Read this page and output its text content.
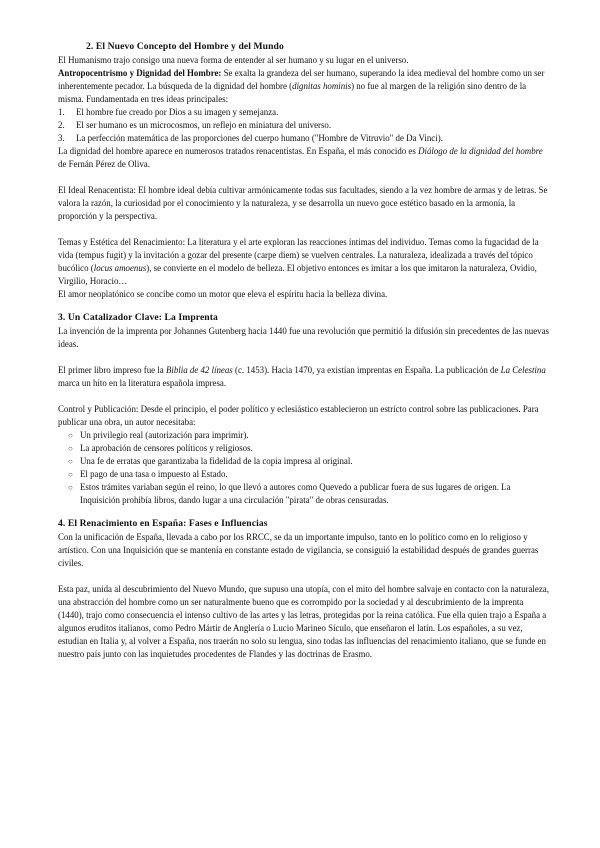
2. El Nuevo Concepto del Hombre y del Mundo

El Humanismo trajo consigo una nueva forma de entender al ser humano y su lugar en el universo.

Antropocentrismo y Dignidad del Hombre: Se exalta la grandeza del ser humano, superando la idea medieval del hombre como un ser inherentemente pecador. La búsqueda de la dignidad del hombre (dignitas hominis) no fue al margen de la religión sino dentro de la misma. Fundamentada en tres ideas principales:

1.	El hombre fue creado por Dios a su imagen y semejanza.
2.	El ser humano es un microcosmos, un reflejo en miniatura del universo.
3.	La perfección matemática de las proporciones del cuerpo humano ("Hombre de Vitruvio" de Da Vinci).

La dignidad del hombre aparece en numerosos tratados renacentistas. En España, el más conocido es Diálogo de la dignidad del hombre de Fernán Pérez de Oliva.

El Ideal Renacentista: El hombre ideal debía cultivar armónicamente todas sus facultades, siendo a la vez hombre de armas y de letras. Se valora la razón, la curiosidad por el conocimiento y la naturaleza, y se desarrolla un nuevo goce estético basado en la armonía, la proporción y la perspectiva.

Temas y Estética del Renacimiento: La literatura y el arte exploran las reacciones íntimas del individuo. Temas como la fugacidad de la vida (tempus fugit) y la invitación a gozar del presente (carpe diem) se vuelven centrales. La naturaleza, idealizada a través del tópico bucólico (locus amoenus), se convierte en el modelo de belleza. El objetivo entonces es imitar a los que imitaron la naturaleza, Ovidio, Virgilio, Horacio…

El amor neoplatónico se concibe como un motor que eleva el espíritu hacia la belleza divina.

3. Un Catalizador Clave: La Imprenta

La invención de la imprenta por Johannes Gutenberg hacia 1440 fue una revolución que permitió la difusión sin precedentes de las nuevas ideas.

El primer libro impreso fue la Biblia de 42 líneas (c. 1453). Hacia 1470, ya existían imprentas en España. La publicación de La Celestina marca un hito en la literatura española impresa.

Control y Publicación: Desde el principio, el poder político y eclesiástico establecieron un estricto control sobre las publicaciones. Para publicar una obra, un autor necesitaba:

○ Un privilegio real (autorización para imprimir).
○ La aprobación de censores políticos y religiosos.
○ Una fe de erratas que garantizaba la fidelidad de la copia impresa al original.
○ El pago de una tasa o impuesto al Estado.
○ Estos trámites variaban según el reino, lo que llevó a autores como Quevedo a publicar fuera de sus lugares de origen. La Inquisición prohibía libros, dando lugar a una circulación "pirata" de obras censuradas.

4. El Renacimiento en España: Fases e Influencias

Con la unificación de España, llevada a cabo por los RRCC, se da un importante impulso, tanto en lo político como en lo religioso y artístico. Con una Inquisición que se mantenía en constante estado de vigilancia, se consiguió la estabilidad después de grandes guerras civiles.

Esta paz, unida al descubrimiento del Nuevo Mundo, que supuso una utopía, con el mito del hombre salvaje en contacto con la naturaleza, una abstracción del hombre como un ser naturalmente bueno que es corrompido por la sociedad y al descubrimiento de la imprenta (1440), trajo como consecuencia el intenso cultivo de las artes y las letras, protegidas por la reina católica. Fue ella quien trajo a España a algunos eruditos italianos, como Pedro Mártir de Anglería o Lucio Marineo Sículo, que enseñaron el latín. Los españoles, a su vez, estudian en Italia y, al volver a España, nos traerán no solo su lengua, sino todas las influencias del renacimiento italiano, que se funde en nuestro país junto con las inquietudes procedentes de Flandes y las doctrinas de Erasmo.
